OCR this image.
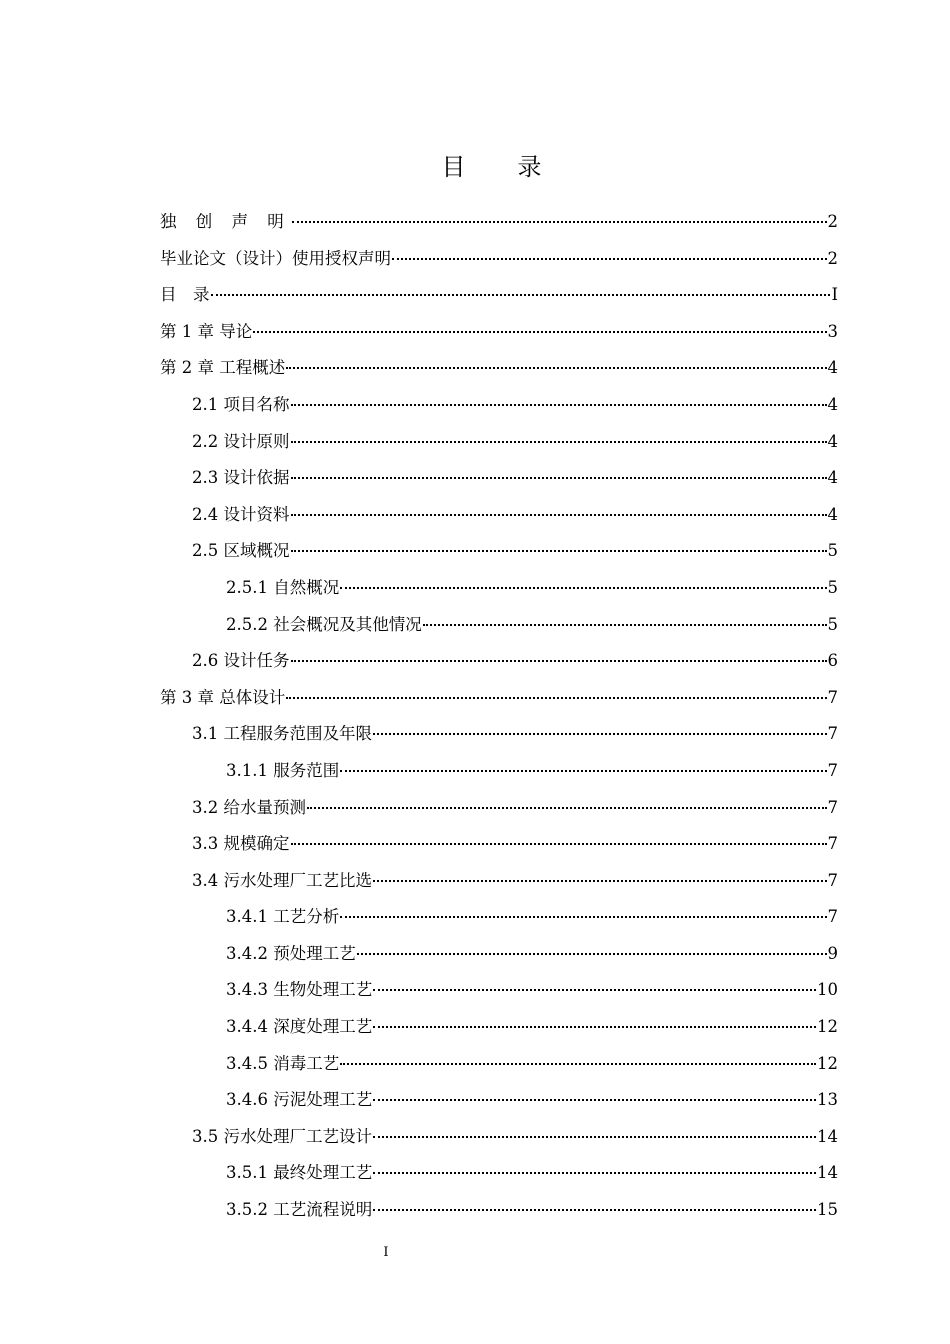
目　录
独 创 声 明	2
毕业论文（设计）使用授权声明	2
目　录	I
第 1 章 导论	3
第 2 章 工程概述	4
2.1 项目名称	4
2.2 设计原则	4
2.3 设计依据	4
2.4 设计资料	4
2.5 区域概况	5
2.5.1 自然概况	5
2.5.2 社会概况及其他情况	5
2.6 设计任务	6
第 3 章 总体设计	7
3.1 工程服务范围及年限	7
3.1.1 服务范围	7
3.2 给水量预测	7
3.3 规模确定	7
3.4 污水处理厂工艺比选	7
3.4.1 工艺分析	7
3.4.2 预处理工艺	9
3.4.3 生物处理工艺	10
3.4.4 深度处理工艺	12
3.4.5 消毒工艺	12
3.4.6 污泥处理工艺	13
3.5 污水处理厂工艺设计	14
3.5.1 最终处理工艺	14
3.5.2 工艺流程说明	15
I
